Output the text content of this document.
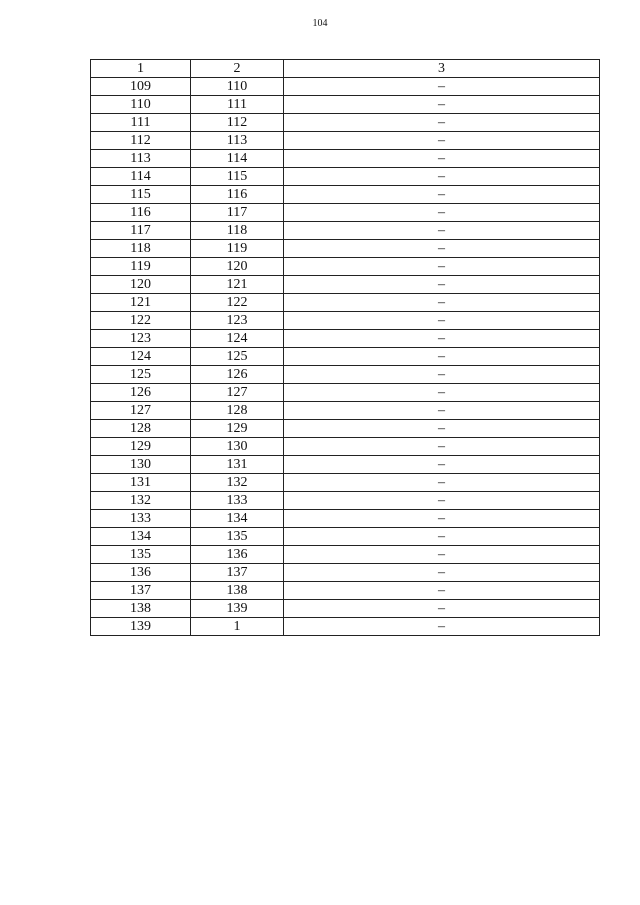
104
1	2	3
109	110	–
110	111	–
111	112	–
112	113	–
113	114	–
114	115	–
115	116	–
116	117	–
117	118	–
118	119	–
119	120	–
120	121	–
121	122	–
122	123	–
123	124	–
124	125	–
125	126	–
126	127	–
127	128	–
128	129	–
129	130	–
130	131	–
131	132	–
132	133	–
133	134	–
134	135	–
135	136	–
136	137	–
137	138	–
138	139	–
139	1	–
